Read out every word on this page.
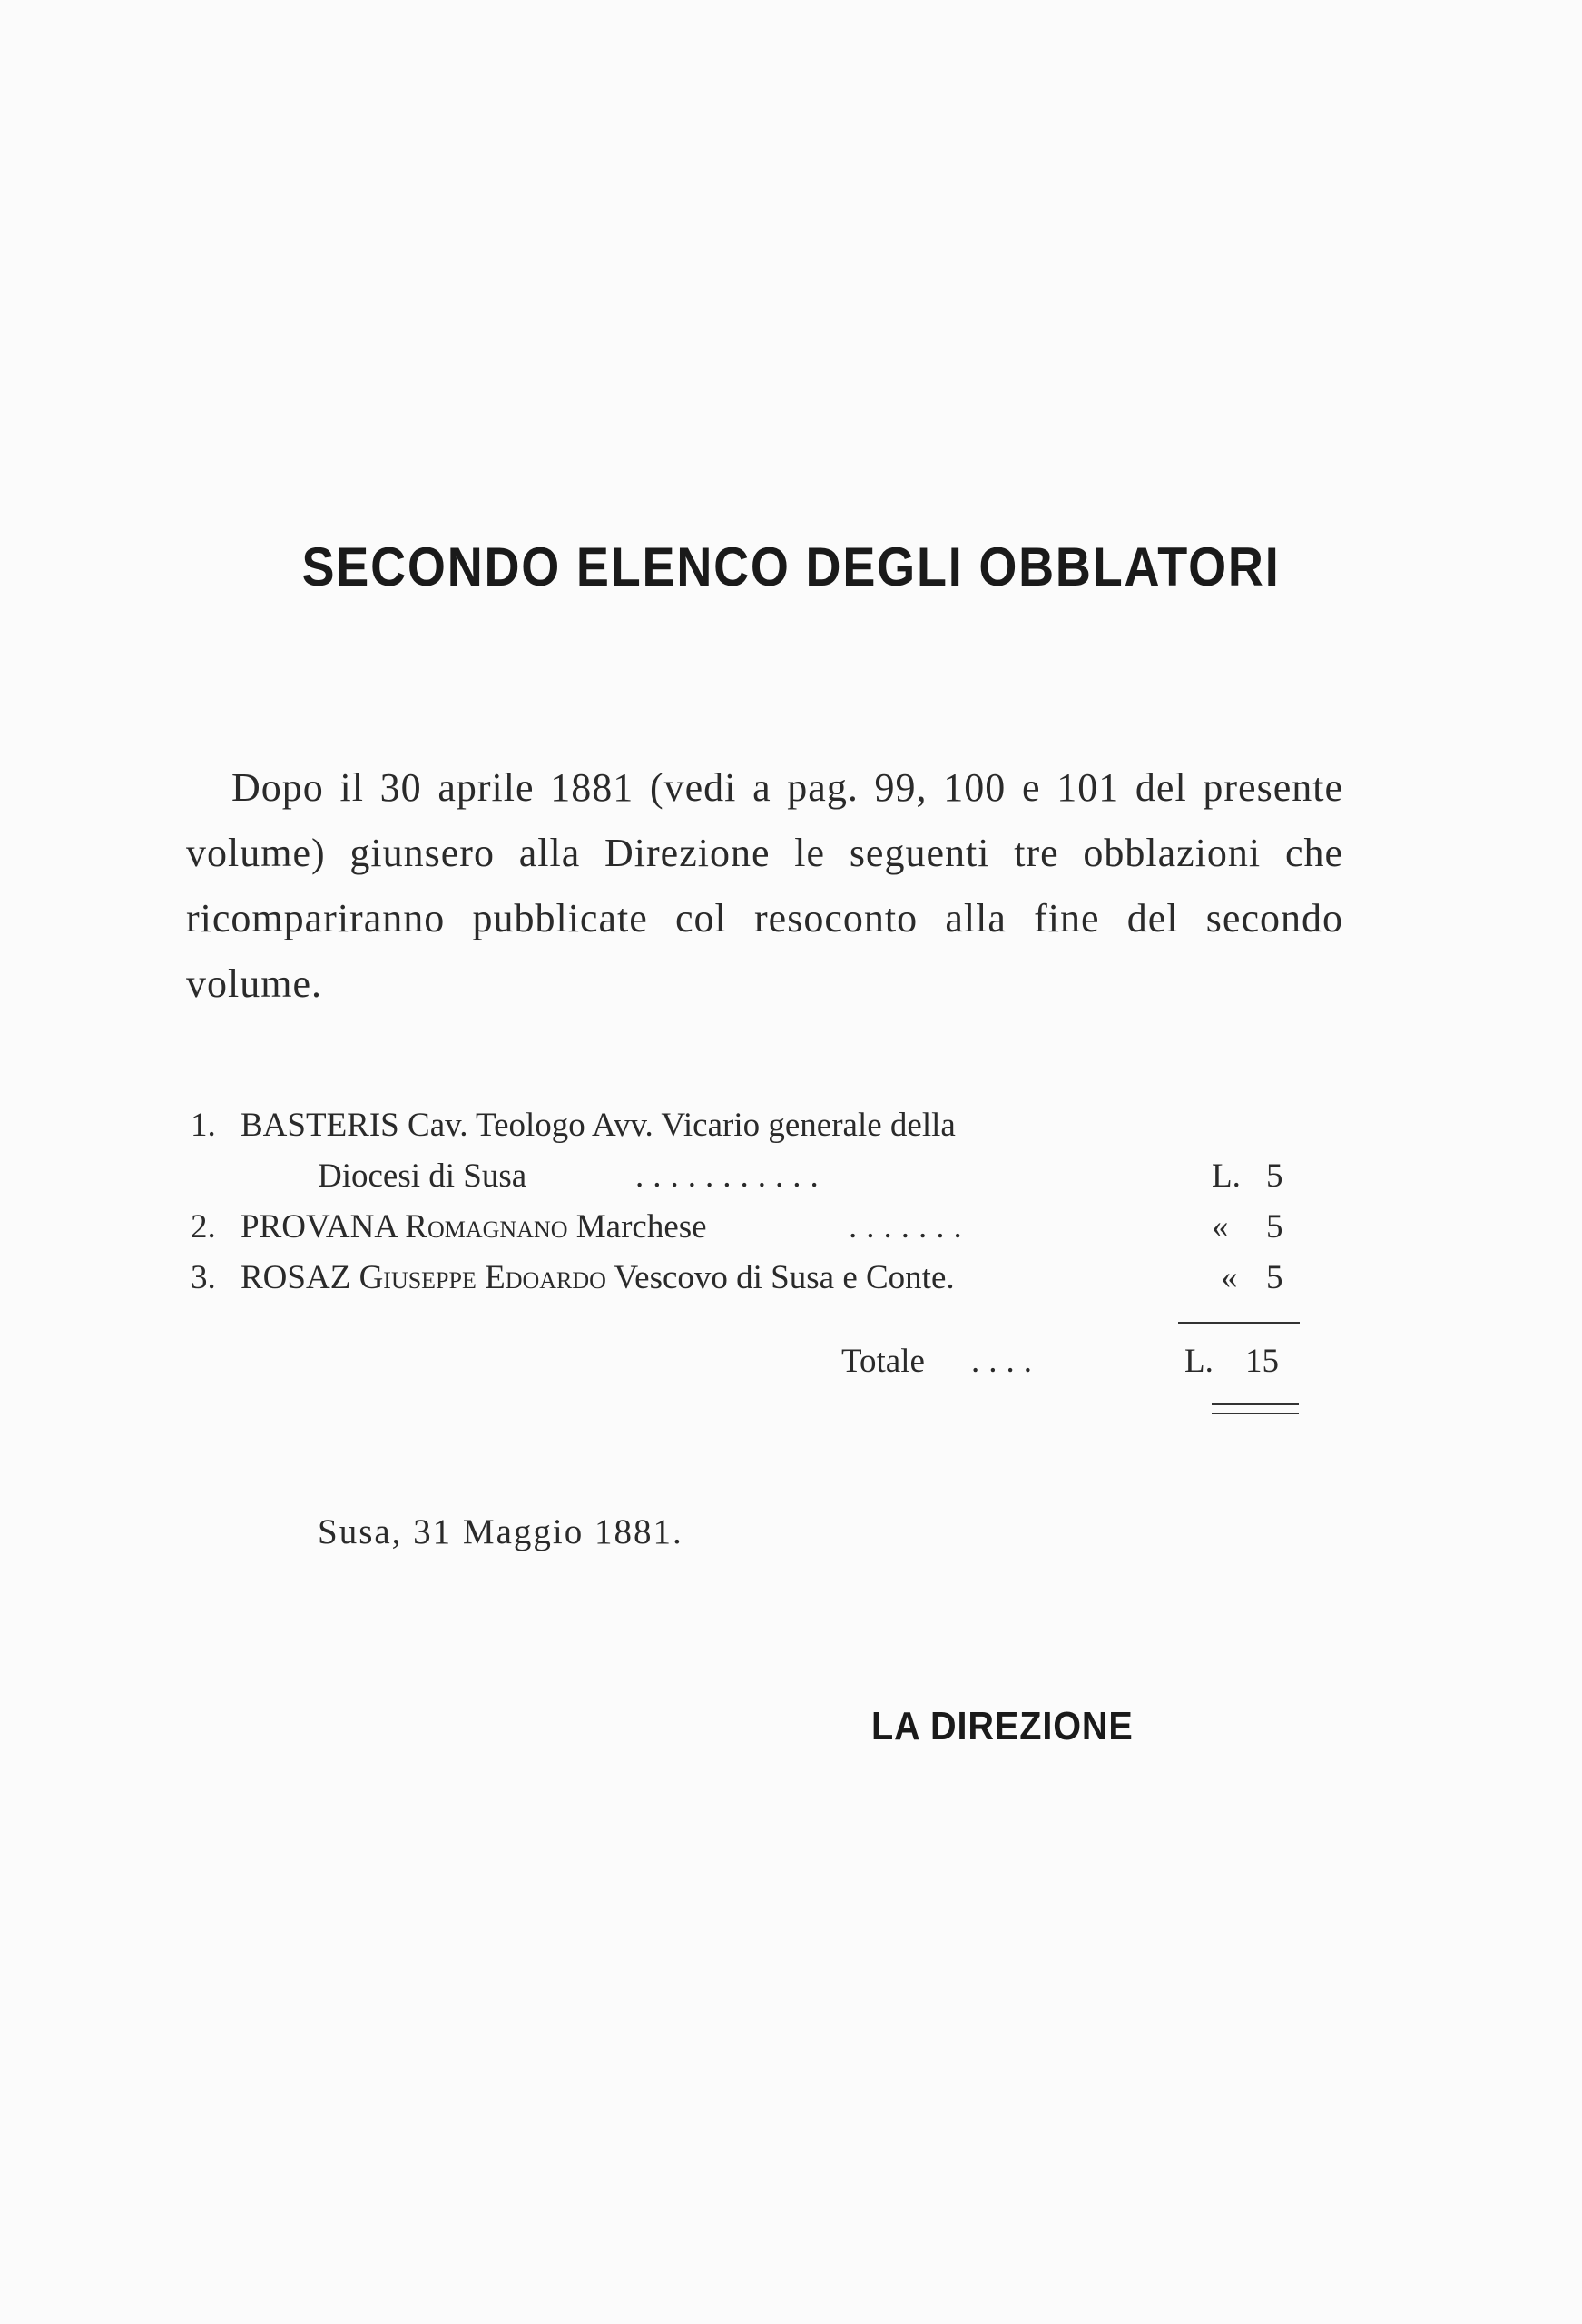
SECONDO ELENCO DEGLI OBBLATORI

Dopo il 30 aprile 1881 (vedi a pag. 99, 100 e 101 del presente volume) giunsero alla Direzione le seguenti tre obblazioni che ricompariranno pubblicate col resoconto alla fine del secondo volume.

1. BASTERIS Cav. Teologo Avv. Vicario generale della
Diocesi di Susa	...........	L. 5
2. PROVANA Romagnano Marchese	.......	« 5
3. ROSAZ Giuseppe Edoardo Vescovo di Susa e Conte.	« 5
Totale ....	L. 15
Susa, 31 Maggio 1881.
LA DIREZIONE
